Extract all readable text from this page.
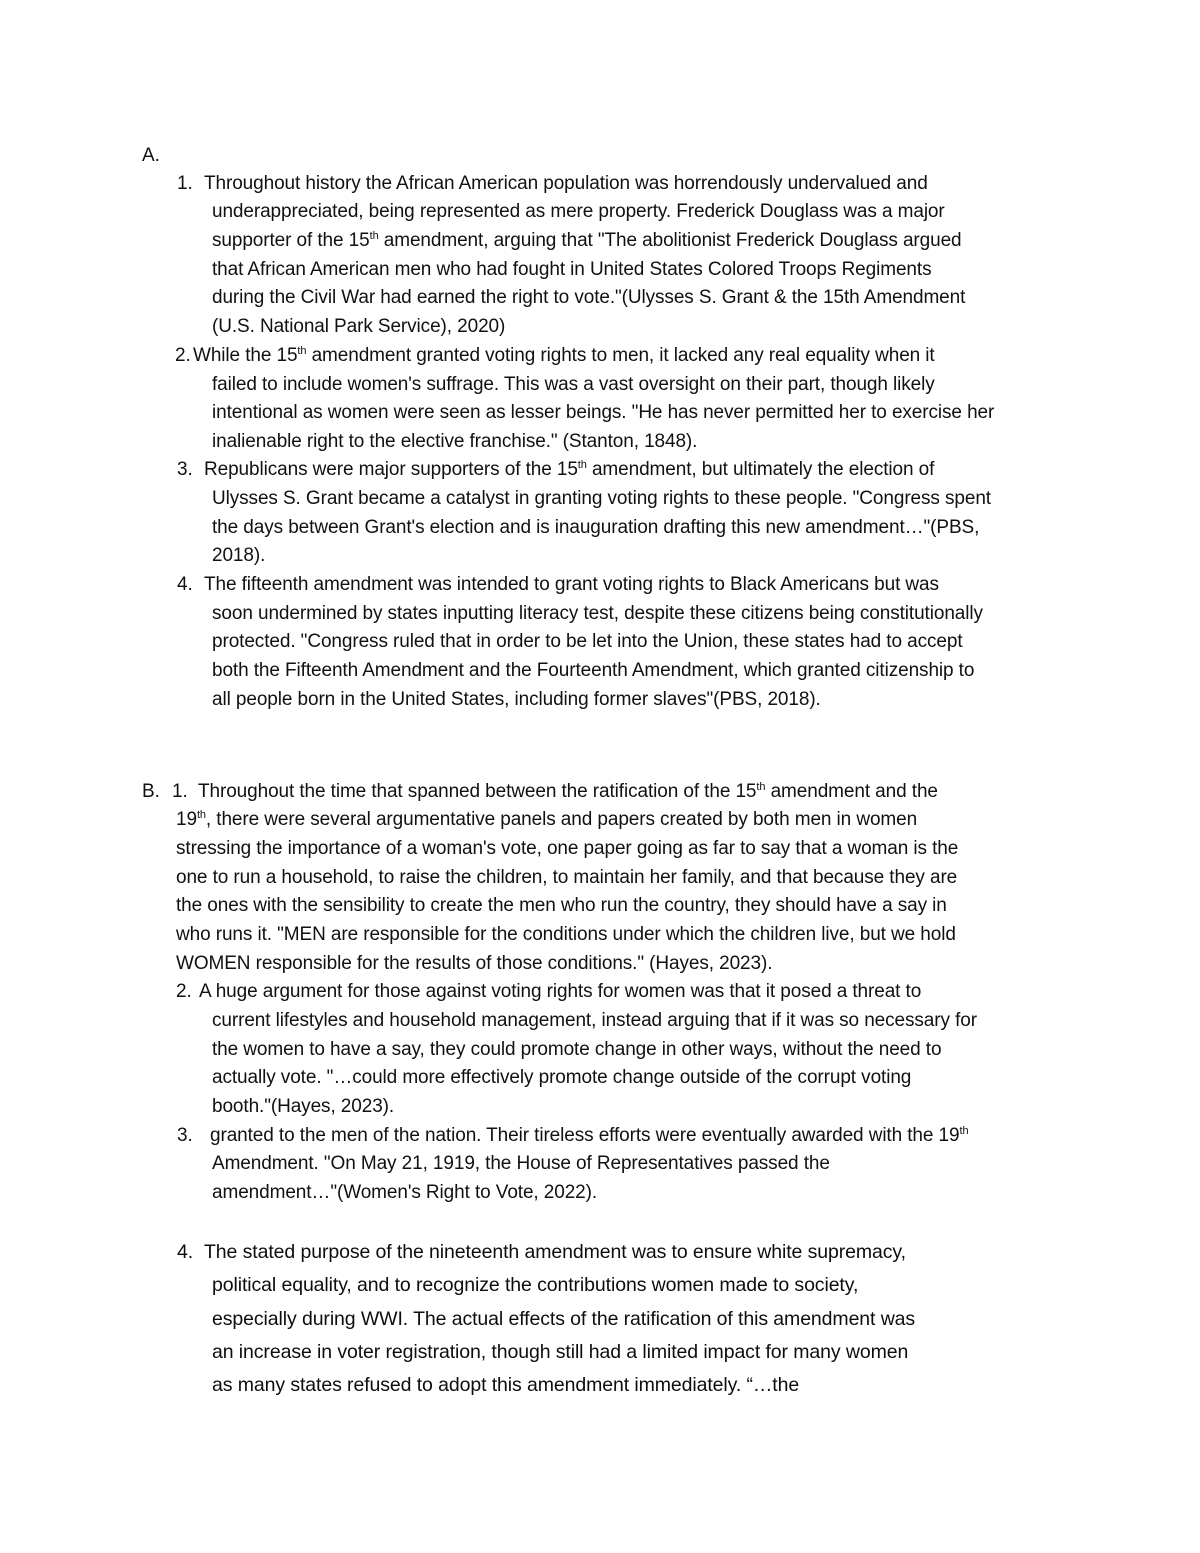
A.
1. Throughout history the African American population was horrendously undervalued and
underappreciated, being represented as mere property. Frederick Douglass was a major
supporter of the 15th amendment, arguing that "The abolitionist Frederick Douglass argued
that African American men who had fought in United States Colored Troops Regiments
during the Civil War had earned the right to vote."(Ulysses S. Grant & the 15th Amendment
(U.S. National Park Service), 2020)
2. While the 15th amendment granted voting rights to men, it lacked any real equality when it
failed to include women's suffrage. This was a vast oversight on their part, though likely
intentional as women were seen as lesser beings. "He has never permitted her to exercise her
inalienable right to the elective franchise." (Stanton, 1848).
3. Republicans were major supporters of the 15th amendment, but ultimately the election of
Ulysses S. Grant became a catalyst in granting voting rights to these people. "Congress spent
the days between Grant's election and is inauguration drafting this new amendment…"(PBS,
2018).
4. The fifteenth amendment was intended to grant voting rights to Black Americans but was
soon undermined by states inputting literacy test, despite these citizens being constitutionally
protected. "Congress ruled that in order to be let into the Union, these states had to accept
both the Fifteenth Amendment and the Fourteenth Amendment, which granted citizenship to
all people born in the United States, including former slaves"(PBS, 2018).
B. 1. Throughout the time that spanned between the ratification of the 15th amendment and the
19th, there were several argumentative panels and papers created by both men in women
stressing the importance of a woman's vote, one paper going as far to say that a woman is the
one to run a household, to raise the children, to maintain her family, and that because they are
the ones with the sensibility to create the men who run the country, they should have a say in
who runs it. "MEN are responsible for the conditions under which the children live, but we hold
WOMEN responsible for the results of those conditions." (Hayes, 2023).
2. A huge argument for those against voting rights for women was that it posed a threat to
current lifestyles and household management, instead arguing that if it was so necessary for
the women to have a say, they could promote change in other ways, without the need to
actually vote. "…could more effectively promote change outside of the corrupt voting
booth."(Hayes, 2023).
3. granted to the men of the nation. Their tireless efforts were eventually awarded with the 19th
Amendment. "On May 21, 1919, the House of Representatives passed the
amendment…"(Women's Right to Vote, 2022).
4. The stated purpose of the nineteenth amendment was to ensure white supremacy,
political equality, and to recognize the contributions women made to society,
especially during WWI. The actual effects of the ratification of this amendment was
an increase in voter registration, though still had a limited impact for many women
as many states refused to adopt this amendment immediately. “…the
